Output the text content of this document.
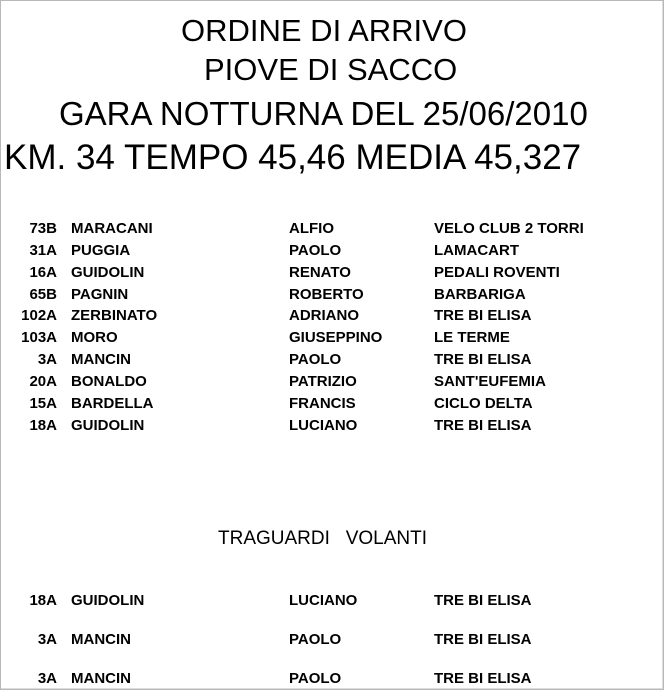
ORDINE DI ARRIVO
PIOVE DI SACCO
GARA NOTTURNA DEL 25/06/2010
KM. 34 TEMPO 45,46 MEDIA 45,327
73B MARACANI	ALFIO	VELO CLUB 2 TORRI
31A PUGGIA	PAOLO	LAMACART
16A GUIDOLIN	RENATO	PEDALI ROVENTI
65B PAGNIN	ROBERTO	BARBARIGA
102A ZERBINATO	ADRIANO	TRE BI ELISA
103A MORO	GIUSEPPINO	LE TERME
3A MANCIN	PAOLO	TRE BI ELISA
20A BONALDO	PATRIZIO	SANT'EUFEMIA
15A BARDELLA	FRANCIS	CICLO DELTA
18A GUIDOLIN	LUCIANO	TRE BI ELISA
TRAGUARDI   VOLANTI
18A GUIDOLIN	LUCIANO	TRE BI ELISA
3A MANCIN	PAOLO	TRE BI ELISA
3A MANCIN	PAOLO	TRE BI ELISA
